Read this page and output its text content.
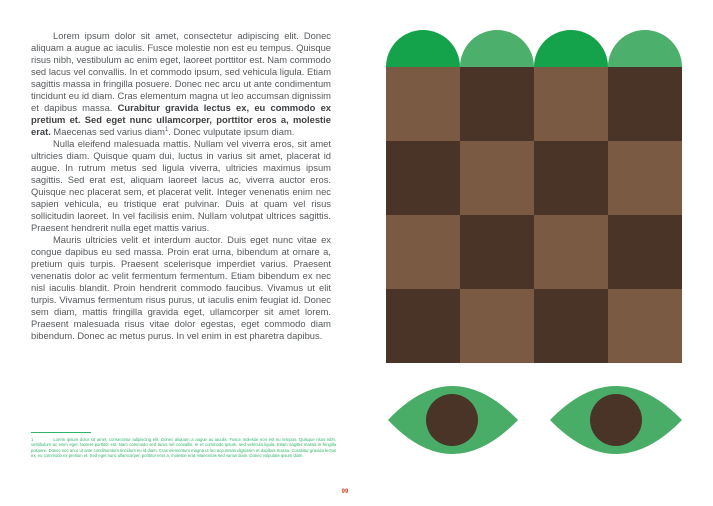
Lorem ipsum dolor sit amet, consectetur adipiscing elit. Donec aliquam a augue ac iaculis. Fusce molestie non est eu tempus. Quisque risus nibh, vestibulum ac enim eget, laoreet porttitor est. Nam commodo sed lacus vel convallis. In et commodo ipsum, sed vehicula ligula. Etiam sagittis massa in fringilla posuere. Donec nec arcu ut ante condimentum tincidunt eu id diam. Cras elementum magna ut leo accumsan dignissim et dapibus massa. Curabitur gravida lectus ex, eu commodo ex pretium et. Sed eget nunc ullamcorper, porttitor eros a, molestie erat. Maecenas sed varius diam$^1$. Donec vulputate ipsum diam.

Nulla eleifend malesuada mattis. Nullam vel viverra eros, sit amet ultricies diam. Quisque quam dui, luctus in varius sit amet, placerat id augue. In rutrum metus sed ligula viverra, ultricies maximus ipsum sagittis. Sed erat est, aliquam laoreet lacus ac, viverra auctor eros. Quisque nec placerat sem, et placerat velit. Integer venenatis enim nec sapien vehicula, eu tristique erat pulvinar. Duis at quam vel risus sollicitudin laoreet. In vel facilisis enim. Nullam volutpat ultrices sagittis. Praesent hendrerit nulla eget mattis varius.

Mauris ultricies velit et interdum auctor. Duis eget nunc vitae ex congue dapibus eu sed massa. Proin erat urna, bibendum at ornare a, pretium quis turpis. Praesent scelerisque imperdiet varius. Praesent venenatis dolor ac velit fermentum fermentum. Etiam bibendum ex nec nisl iaculis blandit. Proin hendrerit commodo faucibus. Vivamus ut elit turpis. Vivamus fermentum risus purus, ut iaculis enim feugiat id. Donec sem diam, mattis fringilla gravida eget, ullamcorper sit amet lorem. Praesent malesuada risus vitae dolor egestas, eget commodo diam bibendum. Donec ac metus purus. In vel enim in est pharetra dapibus.

1	Lorem ipsum dolor sit amet, consectetur adipiscing elit. Donec aliquam a augue ac iaculis. Fusce molestie non est eu tempus. Quisque risus nibh, vestibulum ac enim eget, laoreet porttitor est. Nam commodo sed lacus vel convallis. In et commodo ipsum, sed vehicula ligula. Etiam sagittis massa in fringilla posuere. Donec nec arcu ut ante condimentum tincidunt eu id diam. Cras elementum magna ut leo accumsan dignissim et dapibus massa. Curabitur gravida lectus ex, eu commodo ex pretium et. Sed eget nunc ullamcorper, porttitor eros a, molestie erat. Maecenas sed varius diam. Donec vulputate ipsum diam.
99
